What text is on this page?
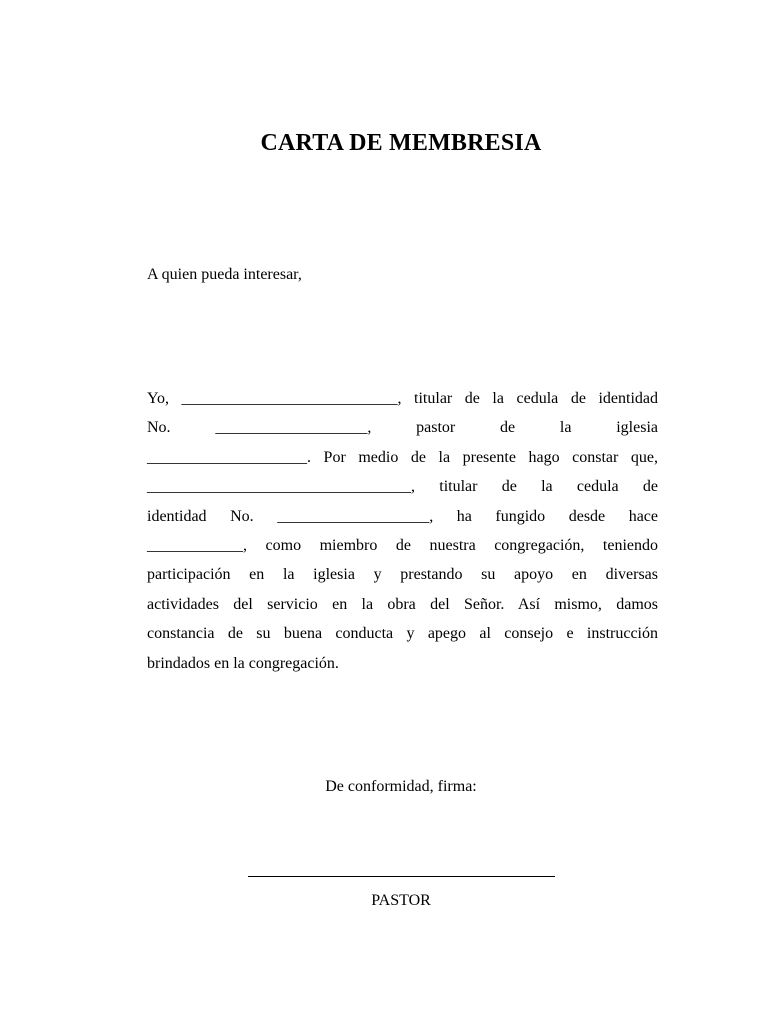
CARTA DE MEMBRESIA
A quien pueda interesar,
Yo, ___________________________, titular de la cedula de identidad
No. ___________________, pastor de la iglesia
____________________. Por medio de la presente hago constar que,
_________________________________, titular de la cedula de
identidad No. ___________________, ha fungido desde hace
____________, como miembro de nuestra congregación, teniendo
participación en la iglesia y prestando su apoyo en diversas
actividades del servicio en la obra del Señor. Así mismo, damos
constancia de su buena conducta y apego al consejo e instrucción
brindados en la congregación.
De conformidad, firma:
PASTOR
